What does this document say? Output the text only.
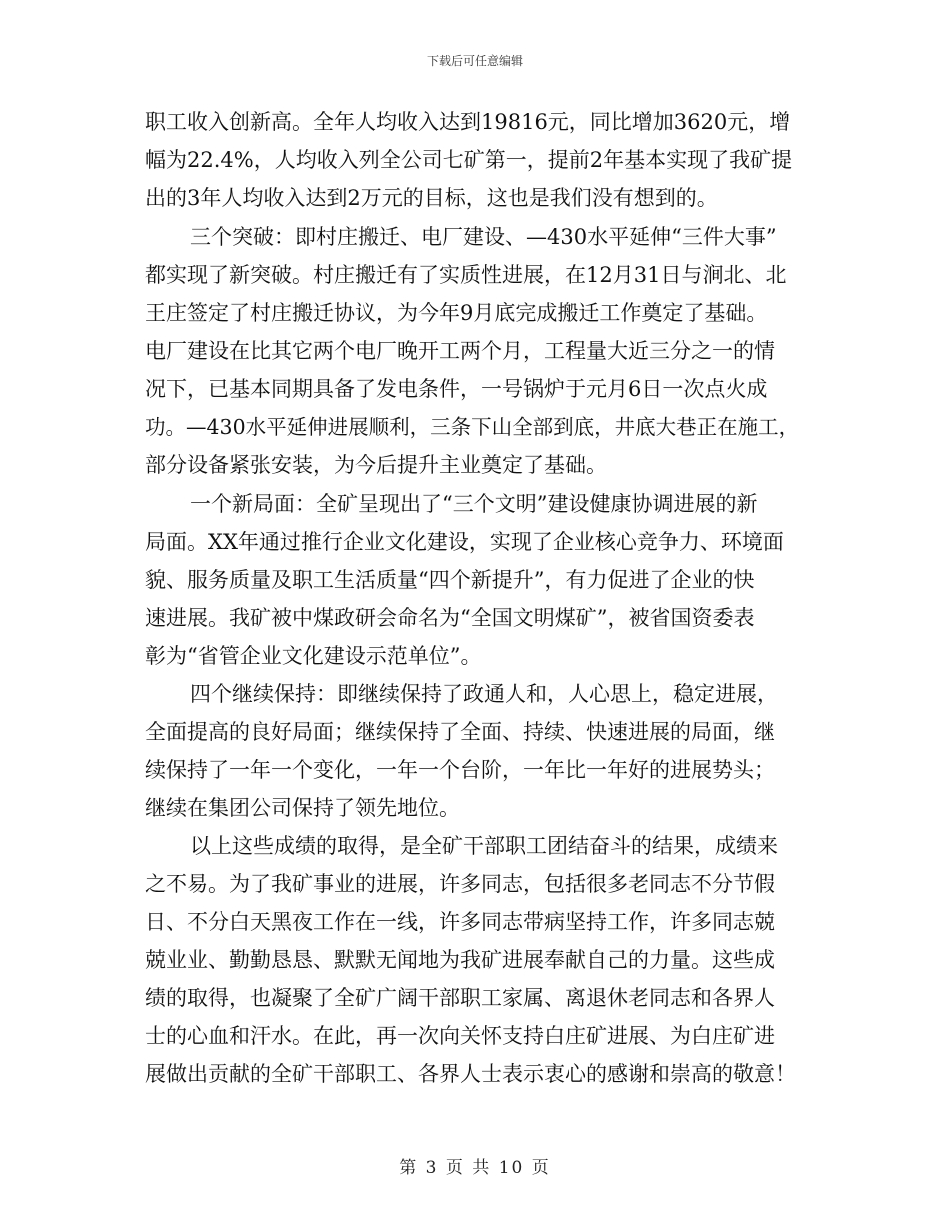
下载后可任意编辑
职工收入创新高。全年人均收入达到19816元，同比增加3620元，增
幅为22.4%，人均收入列全公司七矿第一，提前2年基本实现了我矿提
出的3年人均收入达到2万元的目标，这也是我们没有想到的。
三个突破：即村庄搬迁、电厂建设、—430水平延伸“三件大事”
都实现了新突破。村庄搬迁有了实质性进展，在12月31日与涧北、北
王庄签定了村庄搬迁协议，为今年9月底完成搬迁工作奠定了基础。
电厂建设在比其它两个电厂晚开工两个月，工程量大近三分之一的情
况下，已基本同期具备了发电条件，一号锅炉于元月6日一次点火成
功。—430水平延伸进展顺利，三条下山全部到底，井底大巷正在施工，
部分设备紧张安装，为今后提升主业奠定了基础。
一个新局面：全矿呈现出了“三个文明”建设健康协调进展的新
局面。XX年通过推行企业文化建设，实现了企业核心竞争力、环境面
貌、服务质量及职工生活质量“四个新提升”，有力促进了企业的快
速进展。我矿被中煤政研会命名为“全国文明煤矿”，被省国资委表
彰为“省管企业文化建设示范单位”。
四个继续保持：即继续保持了政通人和，人心思上，稳定进展，
全面提高的良好局面；继续保持了全面、持续、快速进展的局面，继
续保持了一年一个变化，一年一个台阶，一年比一年好的进展势头；
继续在集团公司保持了领先地位。
以上这些成绩的取得，是全矿干部职工团结奋斗的结果，成绩来
之不易。为了我矿事业的进展，许多同志，包括很多老同志不分节假
日、不分白天黑夜工作在一线，许多同志带病坚持工作，许多同志兢
兢业业、勤勤恳恳、默默无闻地为我矿进展奉献自己的力量。这些成
绩的取得，也凝聚了全矿广阔干部职工家属、离退休老同志和各界人
士的心血和汗水。在此，再一次向关怀支持白庄矿进展、为白庄矿进
展做出贡献的全矿干部职工、各界人士表示衷心的感谢和崇高的敬意！
第 3 页 共 10 页
